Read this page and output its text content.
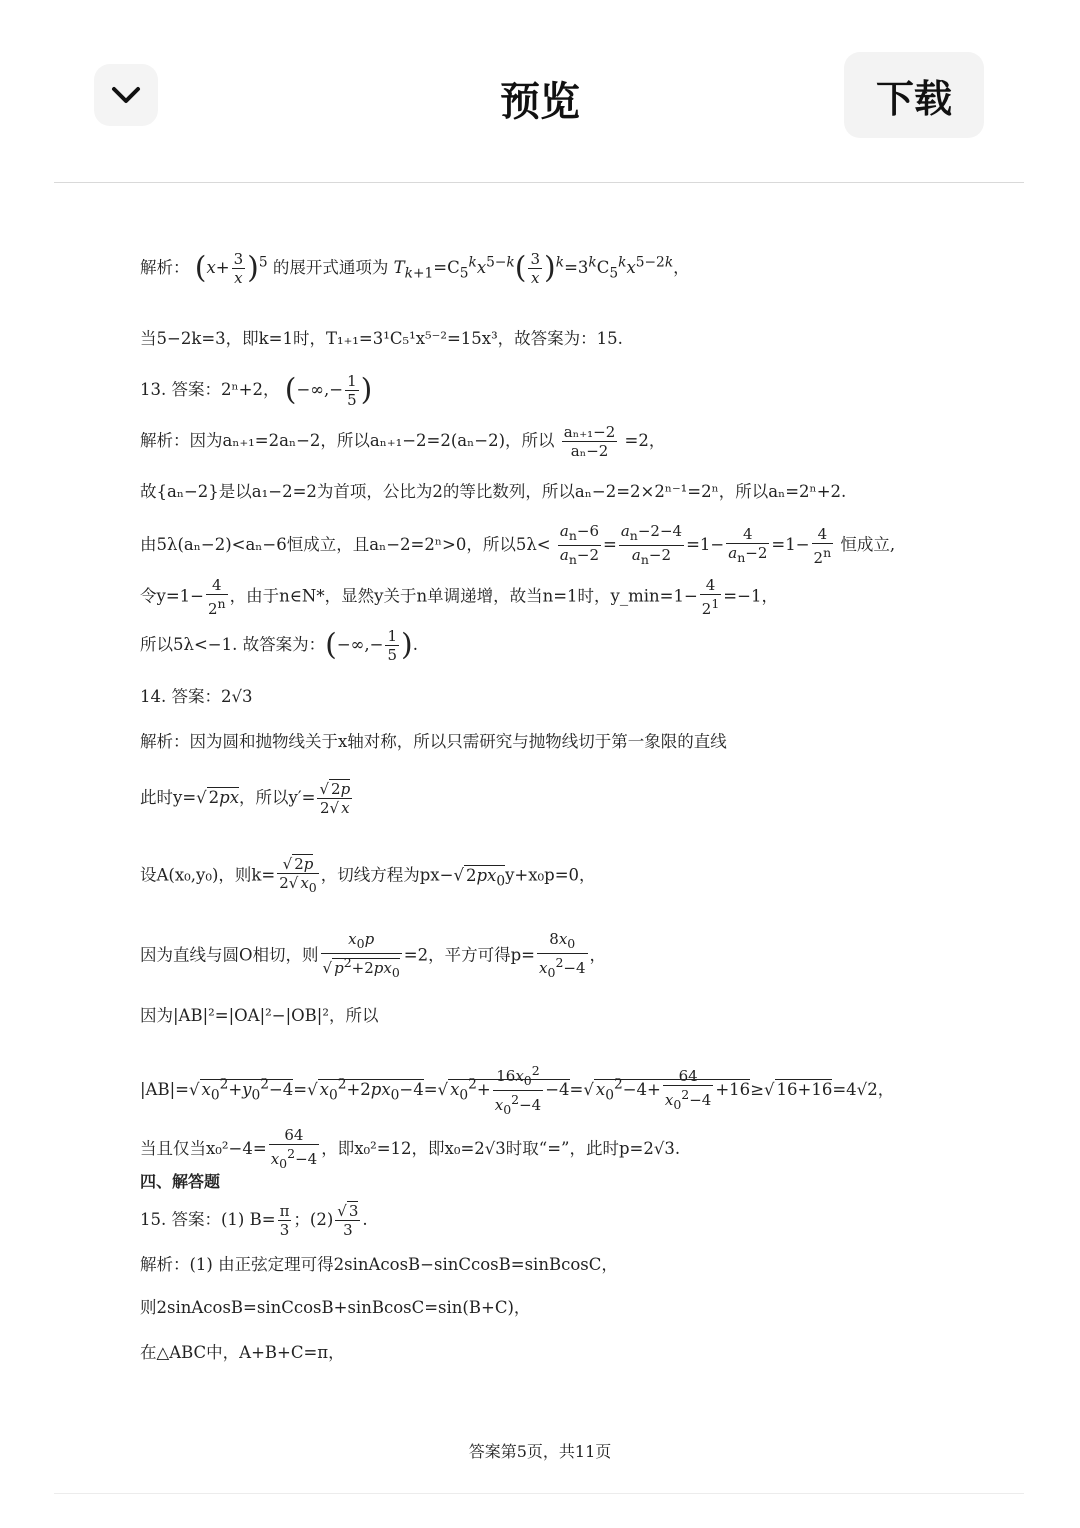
预览	下载
解析： $(x+ \frac{3}{x} )^5$ 的展开式通项为 $T_{k+1}=C_5^kx^{5-k}( \frac{3}{x} )^k=3^kC_5^kx^{5-2k}$，
当5−2k=3，即k=1时，T₁₊₁=3¹C₅¹x⁵⁻²=15x³，故答案为：15.
13. 答案：2ⁿ+2， (−∞,− $\frac{1}{5}$ )
解析：因为aₙ₊₁=2aₙ−2，所以aₙ₊₁−2=2(aₙ−2)，所以 $\frac{\text{aₙ₊₁−2}}{\text{aₙ−2}} =2$，
故{aₙ−2}是以a₁−2=2为首项，公比为2的等比数列，所以aₙ−2=2×2ⁿ⁻¹=2ⁿ，所以aₙ=2ⁿ+2.
由5λ(aₙ−2)<aₙ−6恒成立，且aₙ−2=2ⁿ>0，所以$5\lambda< \frac{a_n-6}{a_n-2} = \frac{a_n-2-4}{a_n-2} =1- \frac{4}{a_n-2} =1- \frac{4}{2^n}$ 恒成立,
令$y=1- \frac{4}{2^n}$ ，由于n∈N*，显然y关于n单调递增，故当n=1时，y_min=1− $\frac{4}{2^1} =-1$，
所以5λ<−1. 故答案为：(−∞,− $\frac{1}{5}$ ).
14. 答案：2√3
解析：因为圆和抛物线关于x轴对称，所以只需研究与抛物线切于第一象限的直线
此时y=√ 2px，所以$y'= \frac{√ 2p}{2√ x}$
设A(x₀,y₀)，则$k= \frac{√ 2p}{2√ x_0}$ ，切线方程为px−√ $2px_0y+x_0p=0$，
因为直线与圆O相切，则 $\frac{x_0p}{√ p^2+2px_0} =2$，平方可得$p= \frac{8x_0}{x_0^2-4}$ ，
因为|AB|²=|OA|²−|OB|²，所以
|AB|=√ $x_0^2+y_0^2-4=√$ $x_0^2+2px_0-4=√$ $x_0^2+ \frac{16x_0^2}{x_0^2-4} -4=√$ $x_0^2-4+ \frac{64}{x_0^2-4} +16\ge√$ 16+16=4√2，
当且仅当$x_0^2-4= \frac{64}{x_0^2-4}$ ，即x₀²=12，即x₀=2√3时取“=”，此时p=2√3.
四、解答题
15. 答案：(1) $B= \frac{\pi}{3}$ ；$(2) \frac{√ 3}{3}$ .
解析：(1) 由正弦定理可得2sinAcosB−sinCcosB=sinBcosC，
则2sinAcosB=sinCcosB+sinBcosC=sin(B+C)，
在△ABC中，A+B+C=π，
答案第5页，共11页
